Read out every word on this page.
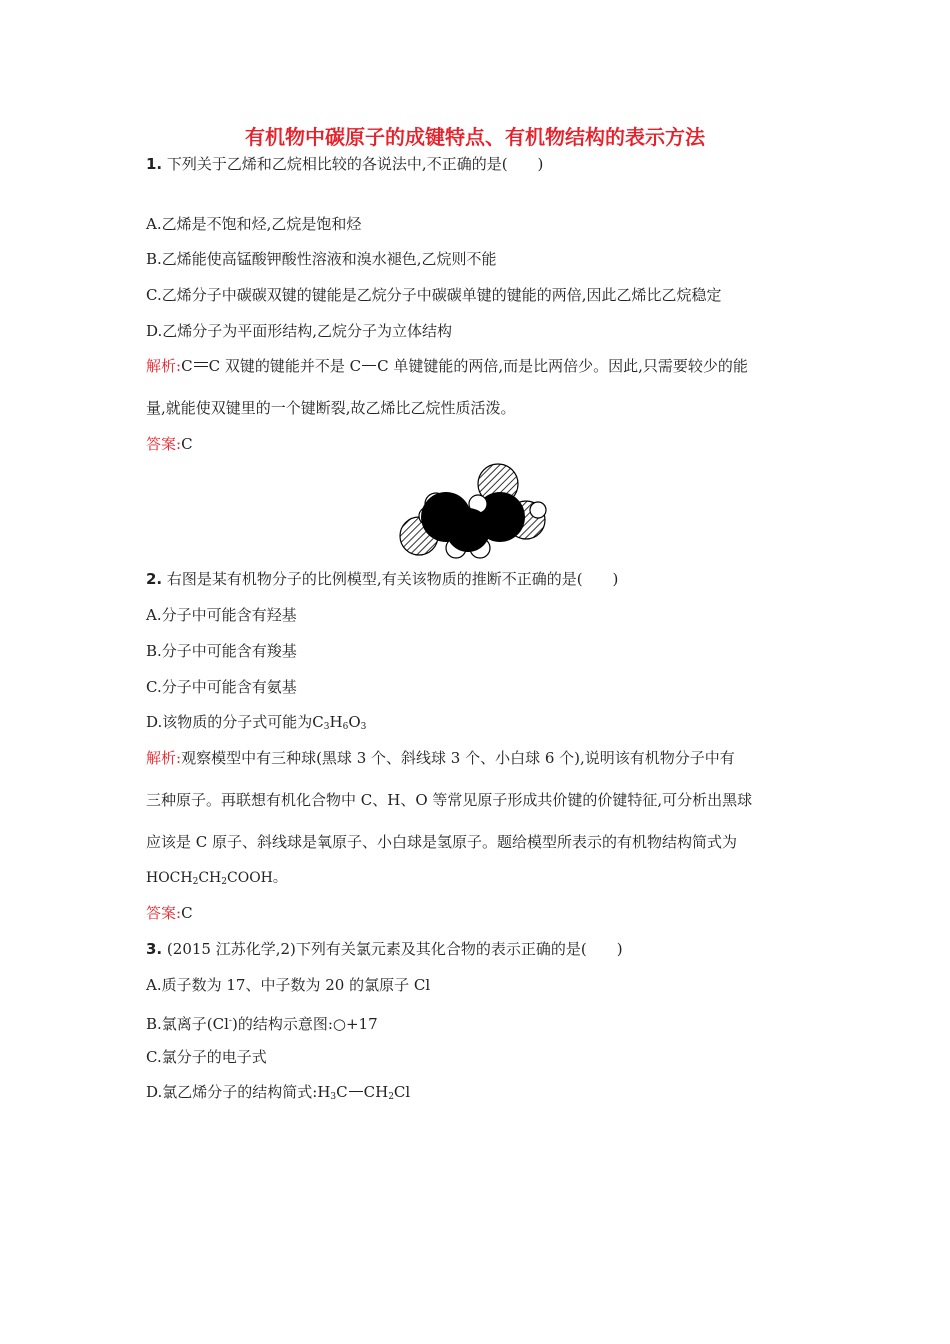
有机物中碳原子的成键特点、有机物结构的表示方法
1. 下列关于乙烯和乙烷相比较的各说法中,不正确的是(　　)
A.乙烯是不饱和烃,乙烷是饱和烃
B.乙烯能使高锰酸钾酸性溶液和溴水褪色,乙烷则不能
C.乙烯分子中碳碳双键的键能是乙烷分子中碳碳单键的键能的两倍,因此乙烯比乙烷稳定
D.乙烯分子为平面形结构,乙烷分子为立体结构
解析:C C 双键的键能并不是 C C 单键键能的两倍,而是比两倍少。因此,只需要较少的能
量,就能使双键里的一个键断裂,故乙烯比乙烷性质活泼。
答案:C
2. 右图是某有机物分子的比例模型,有关该物质的推断不正确的是(　　)
A.分子中可能含有羟基
B.分子中可能含有羧基
C.分子中可能含有氨基
D.该物质的分子式可能为$C_3H_6O_3$
解析:观察模型中有三种球(黑球 3 个、斜线球 3 个、小白球 6 个),说明该有机物分子中有
三种原子。再联想有机化合物中 C、H、O 等常见原子形成共价键的价键特征,可分析出黑球
应该是 C 原子、斜线球是氧原子、小白球是氢原子。题给模型所表示的有机物结构简式为
$HOCH_2CH_2COOH$。
答案:C
3. (2015 江苏化学,2)下列有关氯元素及其化合物的表示正确的是(　　)
A.质子数为 17、中子数为 20 的氯原子 Cl
B.氯离子(Cl-)的结构示意图:○+17
C.氯分子的电子式
D.氯乙烯分子的结构简式$:H_3C$ $CH_2Cl$
